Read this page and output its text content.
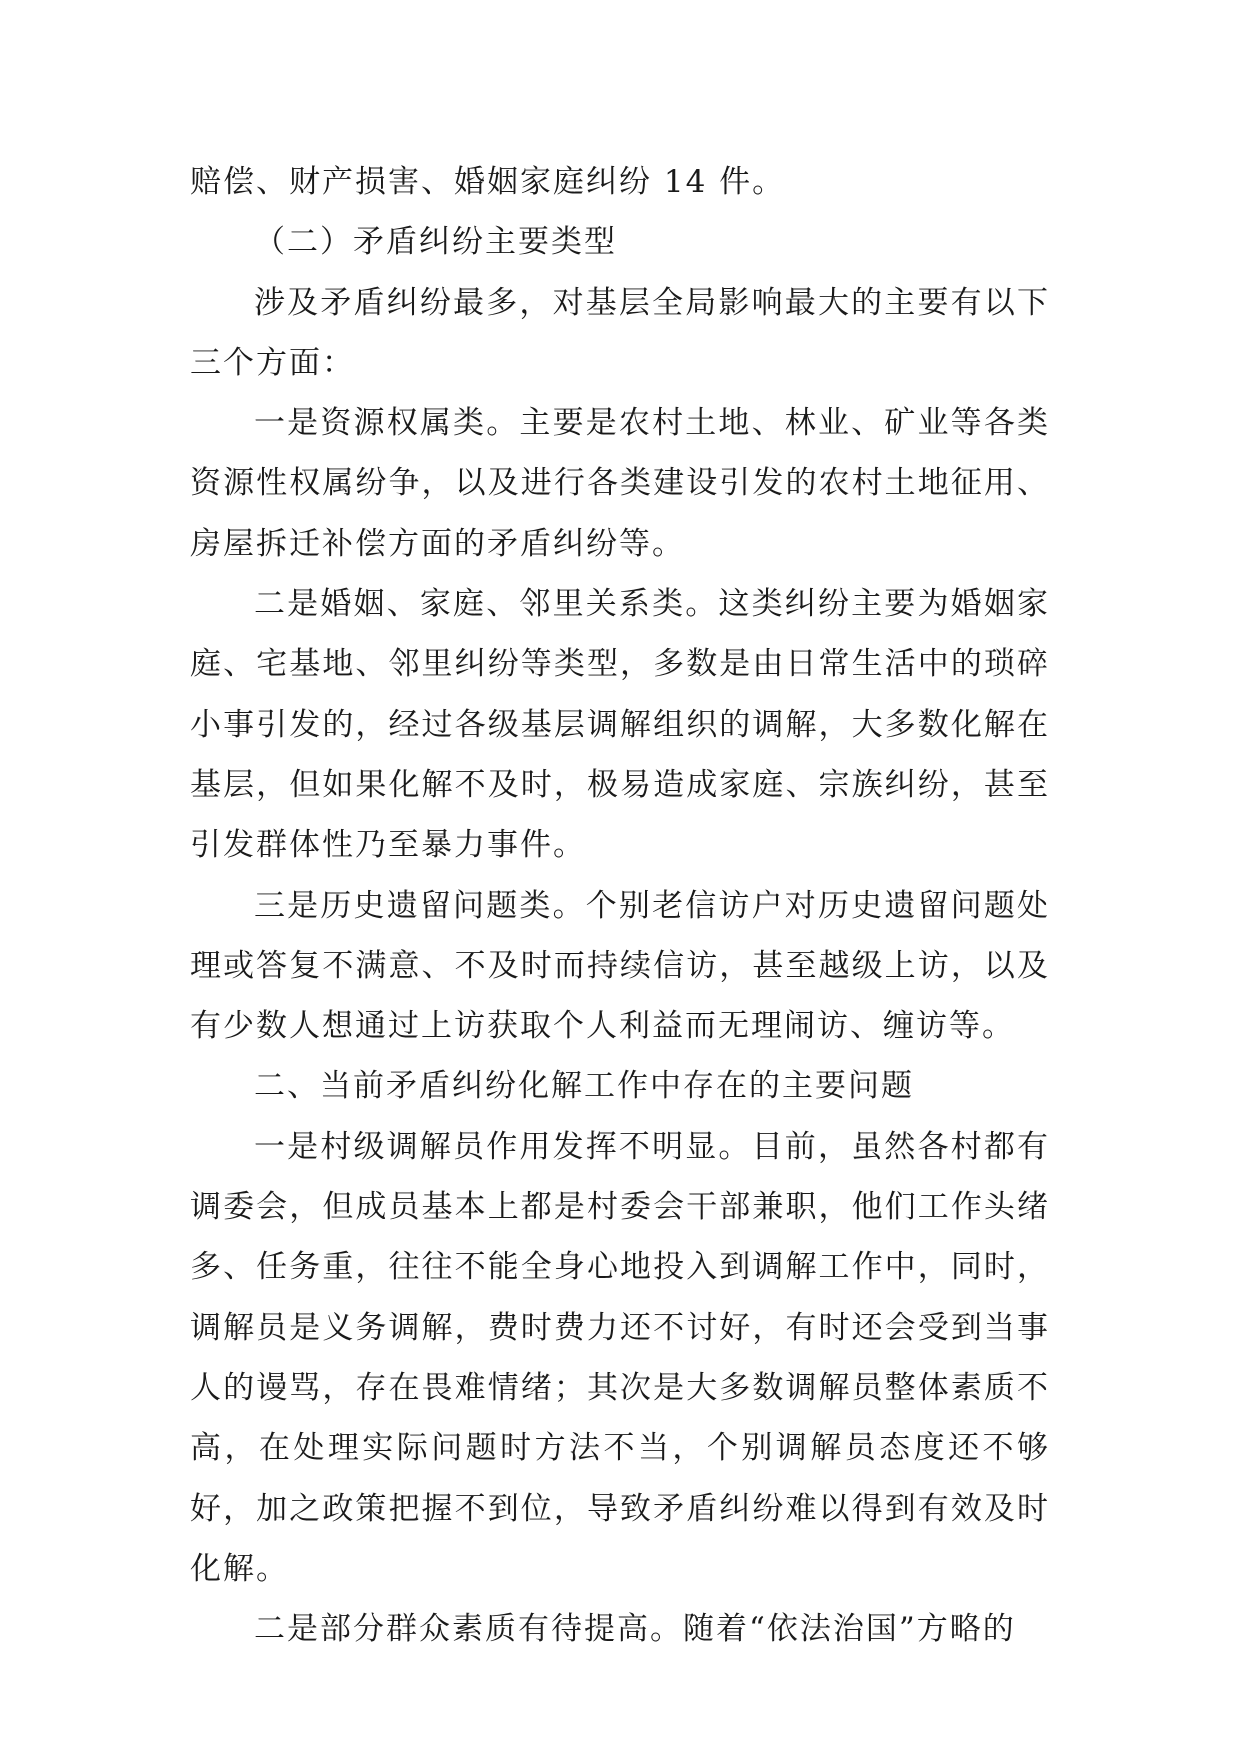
赔偿、财产损害、婚姻家庭纠纷 14 件。

（二）矛盾纠纷主要类型

涉及矛盾纠纷最多，对基层全局影响最大的主要有以下三个方面：

一是资源权属类。主要是农村土地、林业、矿业等各类资源性权属纷争，以及进行各类建设引发的农村土地征用、房屋拆迁补偿方面的矛盾纠纷等。

二是婚姻、家庭、邻里关系类。这类纠纷主要为婚姻家庭、宅基地、邻里纠纷等类型，多数是由日常生活中的琐碎小事引发的，经过各级基层调解组织的调解，大多数化解在基层，但如果化解不及时，极易造成家庭、宗族纠纷，甚至引发群体性乃至暴力事件。

三是历史遗留问题类。个别老信访户对历史遗留问题处理或答复不满意、不及时而持续信访，甚至越级上访，以及有少数人想通过上访获取个人利益而无理闹访、缠访等。

二、当前矛盾纠纷化解工作中存在的主要问题

一是村级调解员作用发挥不明显。目前，虽然各村都有调委会，但成员基本上都是村委会干部兼职，他们工作头绪多、任务重，往往不能全身心地投入到调解工作中，同时，调解员是义务调解，费时费力还不讨好，有时还会受到当事人的谩骂，存在畏难情绪；其次是大多数调解员整体素质不高，在处理实际问题时方法不当，个别调解员态度还不够好，加之政策把握不到位，导致矛盾纠纷难以得到有效及时化解。

二是部分群众素质有待提高。随着“依法治国”方略的
